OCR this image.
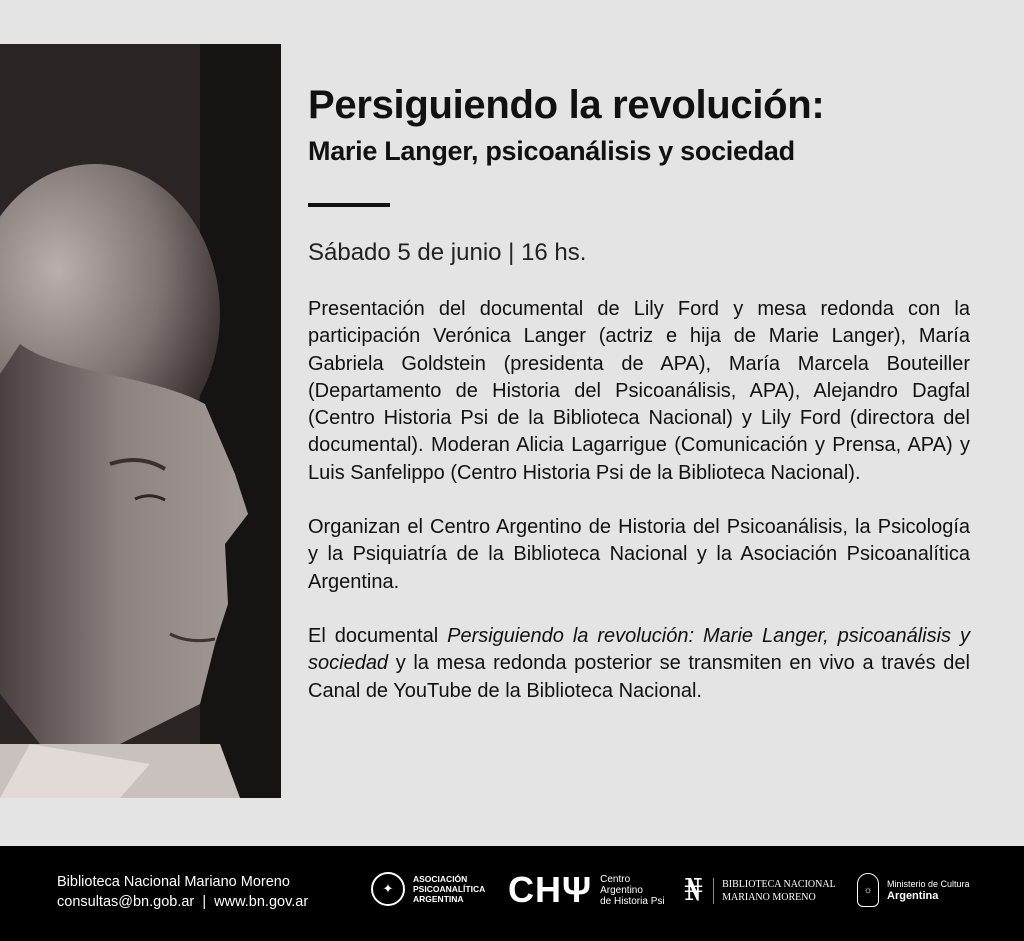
Persiguiendo la revolución:
Marie Langer, psicoanálisis y sociedad
Sábado 5 de junio | 16 hs.

Presentación del documental de Lily Ford y mesa redonda con la participación Verónica Langer (actriz e hija de Marie Langer), María Gabriela Goldstein (presidenta de APA), María Marcela Bouteiller (Departamento de Historia del Psicoanálisis, APA), Alejandro Dagfal (Centro Historia Psi de la Biblioteca Nacional) y Lily Ford (directora del documental). Moderan Alicia Lagarrigue (Comunicación y Prensa, APA) y Luis Sanfelippo (Centro Historia Psi de la Biblioteca Nacional).

Organizan el Centro Argentino de Historia del Psicoanálisis, la Psicología y la Psiquiatría de la Biblioteca Nacional y la Asociación Psicoanalítica Argentina.

El documental Persiguiendo la revolución: Marie Langer, psicoanálisis y sociedad y la mesa redonda posterior se transmiten en vivo a través del Canal de YouTube de la Biblioteca Nacional.

Biblioteca Nacional Mariano Moreno
consultas@bn.gob.ar | www.bn.gov.ar
✦
ASOCIACIÓN
PSICOANALÍTICA
ARGENTINA	CHΨ Centro
Argentino
de Historia Psi ₦ BIBLIOTECA NACIONAL
MARIANO MORENO
☼
Ministerio de Cultura
Argentina
